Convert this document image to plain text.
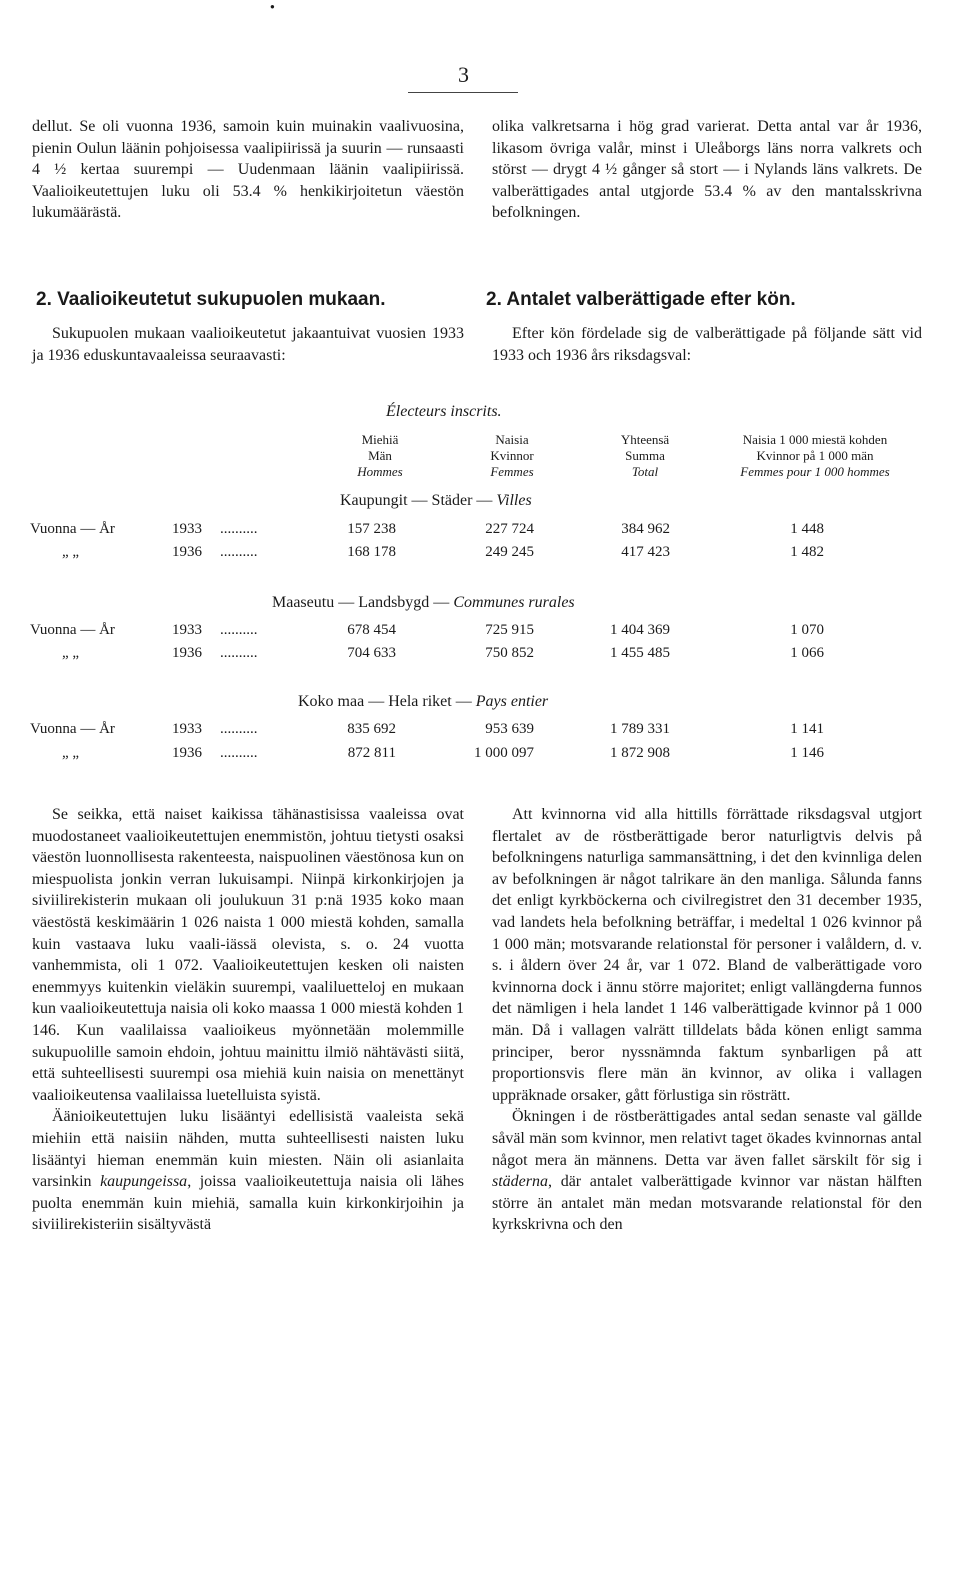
●
3

dellut. Se oli vuonna 1936, samoin kuin muinakin vaalivuosina, pienin Oulun läänin pohjoisessa vaalipiirissä ja suurin — runsaasti 4 ½ kertaa suurempi — Uudenmaan läänin vaalipiirissä. Vaalioikeutettujen luku oli 53.4 % henkikirjoitetun väestön lukumäärästä.

olika valkretsarna i hög grad varierat. Detta antal var år 1936, likasom övriga valår, minst i Uleåborgs läns norra valkrets och störst — drygt 4 ½ gånger så stort — i Nylands läns valkrets. De valberättigades antal utgjorde 53.4 % av den mantalsskrivna befolkningen.

2. Vaalioikeutetut sukupuolen mukaan.	2. Antalet valberättigade efter kön.
Sukupuolen mukaan vaalioikeutetut jakaantuivat vuosien 1933 ja 1936 eduskuntavaaleissa seuraavasti:
Efter kön fördelade sig de valberättigade på följande sätt vid 1933 och 1936 års riksdagsval:
Électeurs inscrits.
Miehiä
Män
Hommes
Naisia
Kvinnor
Femmes
Yhteensä
Summa
Total
Naisia 1 000 miestä kohden
Kvinnor på 1 000 män
Femmes pour 1 000 hommes
Kaupungit — Städer — Villes
Vuonna — År	1933 ..........	157 238	227 724	384 962	1 448
„ „	1936 ..........	168 178	249 245	417 423	1 482
Maaseutu — Landsbygd — Communes rurales
Vuonna — År	1933 ..........	678 454	725 915	1 404 369	1 070
„ „	1936 ..........	704 633	750 852	1 455 485	1 066
Koko maa — Hela riket — Pays entier
Vuonna — År	1933 ..........	835 692	953 639	1 789 331	1 141
„ „	1936 ..........	872 811	1 000 097	1 872 908	1 146

Se seikka, että naiset kaikissa tähänastisissa vaaleissa ovat muodostaneet vaalioikeutettujen enemmistön, johtuu tietysti osaksi väestön luonnollisesta rakenteesta, naispuolinen väestönosa kun on miespuolista jonkin verran lukuisampi. Niinpä kirkonkirjojen ja siviilirekisterin mukaan oli joulukuun 31 p:nä 1935 koko maan väestöstä keskimäärin 1 026 naista 1 000 miestä kohden, samalla kuin vastaava luku vaali-iässä olevista, s. o. 24 vuotta vanhemmista, oli 1 072. Vaalioikeutettujen kesken oli naisten enemmyys kuitenkin vieläkin suurempi, vaaliluetteloj en mukaan kun vaalioikeutettuja naisia oli koko maassa 1 000 miestä kohden 1 146. Kun vaalilaissa vaalioikeus myönnetään molemmille sukupuolille samoin ehdoin, johtuu mainittu ilmiö nähtävästi siitä, että suhteellisesti suurempi osa miehiä kuin naisia on menettänyt vaalioikeutensa vaalilaissa luetelluista syistä.

Äänioikeutettujen luku lisääntyi edellisistä vaaleista sekä miehiin että naisiin nähden, mutta suhteellisesti naisten luku lisääntyi hieman enemmän kuin miesten. Näin oli asianlaita varsinkin kaupungeissa, joissa vaalioikeutettuja naisia oli lähes puolta enemmän kuin miehiä, samalla kuin kirkonkirjoihin ja siviilirekisteriin sisältyvästä

Att kvinnorna vid alla hittills förrättade riksdagsval utgjort flertalet av de röstberättigade beror naturligtvis delvis på befolkningens naturliga sammansättning, i det den kvinnliga delen av befolkningen är något talrikare än den manliga. Sålunda fanns det enligt kyrkböckerna och civilregistret den 31 december 1935, vad landets hela befolkning beträffar, i medeltal 1 026 kvinnor på 1 000 män; motsvarande relationstal för personer i valåldern, d. v. s. i åldern över 24 år, var 1 072. Bland de valberättigade voro kvinnorna dock i ännu större majoritet; enligt vallängderna funnos det nämligen i hela landet 1 146 valberättigade kvinnor på 1 000 män. Då i vallagen valrätt tilldelats båda könen enligt samma principer, beror nyssnämnda faktum synbarligen på att proportionsvis flere män än kvinnor, av olika i vallagen uppräknade orsaker, gått förlustiga sin rösträtt.

Ökningen i de röstberättigades antal sedan senaste val gällde såväl män som kvinnor, men relativt taget ökades kvinnornas antal något mera än männens. Detta var även fallet särskilt för sig i städerna, där antalet valberättigade kvinnor var nästan hälften större än antalet män medan motsvarande relationstal för den kyrkskrivna och den
